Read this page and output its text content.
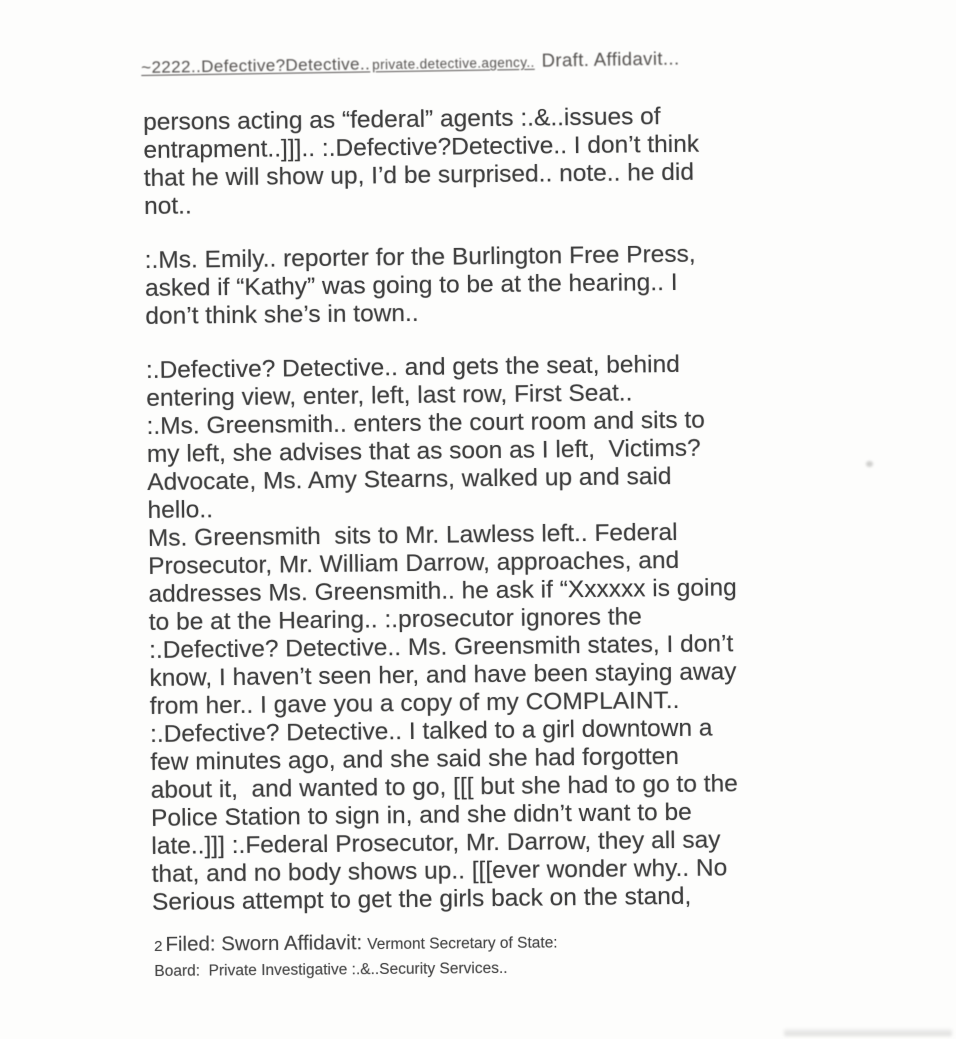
~2222..Defective?Detective.. private.detective.agency.. Draft. Affidavit...

persons acting as “federal” agents :.&..issues of
entrapment..]]].. :.Defective?Detective.. I don’t think
that he will show up, I’d be surprised.. note.. he did
not..

:.Ms. Emily.. reporter for the Burlington Free Press,
asked if “Kathy” was going to be at the hearing.. I
don’t think she’s in town..

:.Defective? Detective.. and gets the seat, behind
entering view, enter, left, last row, First Seat..
:.Ms. Greensmith.. enters the court room and sits to
my left, she advises that as soon as I left,  Victims?
Advocate, Ms. Amy Stearns, walked up and said
hello..
Ms. Greensmith  sits to Mr. Lawless left.. Federal
Prosecutor, Mr. William Darrow, approaches, and
addresses Ms. Greensmith.. he ask if “Xxxxxx is going
to be at the Hearing.. :.prosecutor ignores the
:.Defective? Detective.. Ms. Greensmith states, I don’t
know, I haven’t seen her, and have been staying away
from her.. I gave you a copy of my COMPLAINT..
:.Defective? Detective.. I talked to a girl downtown a
few minutes ago, and she said she had forgotten
about it,  and wanted to go, [[[ but she had to go to the
Police Station to sign in, and she didn’t want to be
late..]]] :.Federal Prosecutor, Mr. Darrow, they all say
that, and no body shows up.. [[[ever wonder why.. No
Serious attempt to get the girls back on the stand,

2 Filed: Sworn Affidavit: Vermont Secretary of State:
Board:  Private Investigative :.&..Security Services..
